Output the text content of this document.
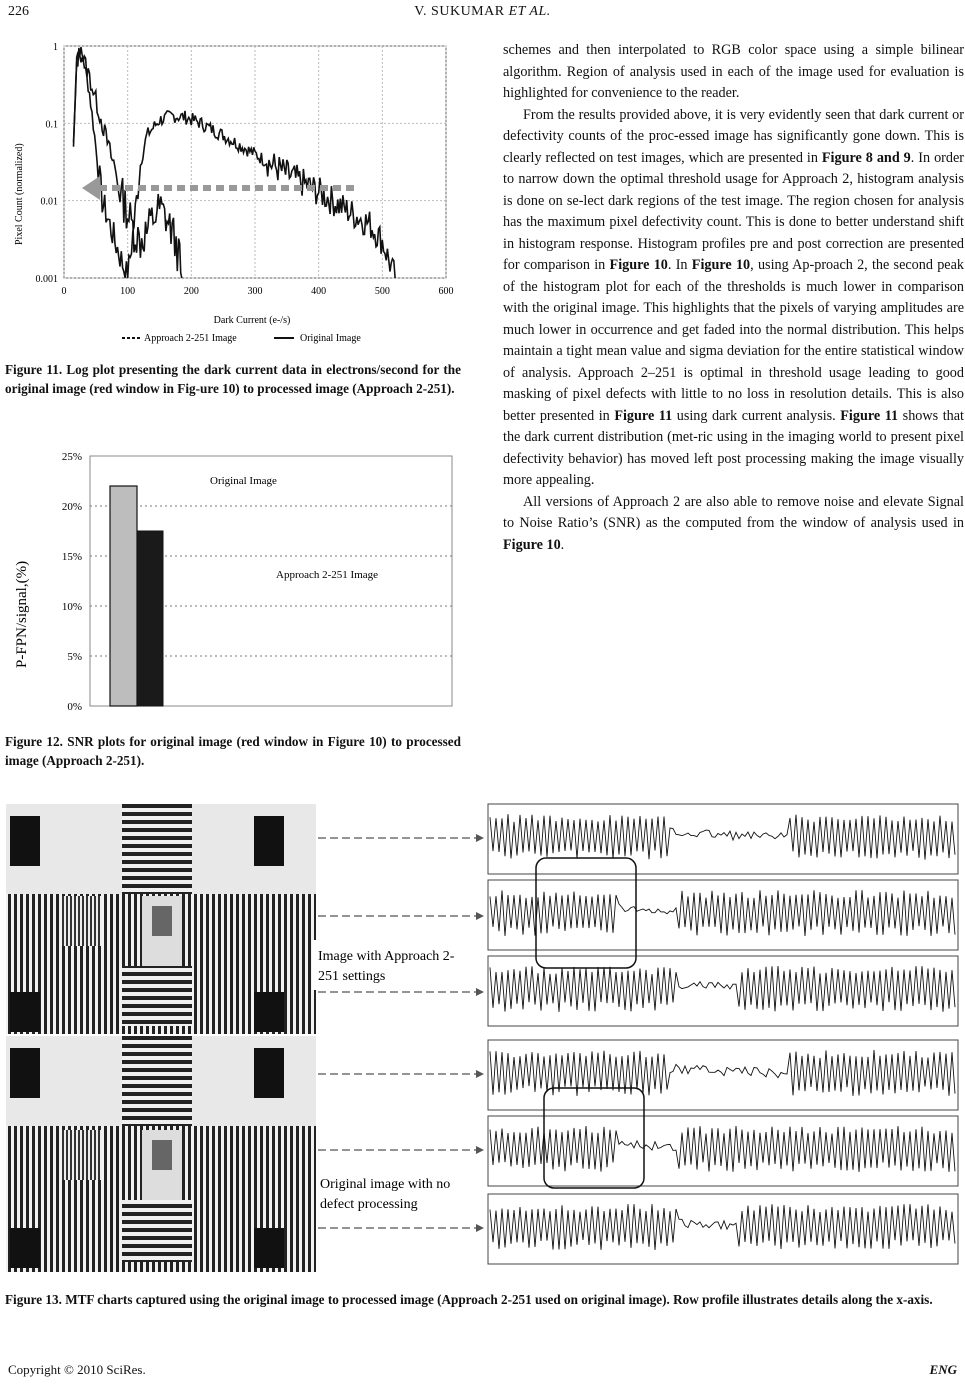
226	V. SUKUMAR ET AL.
1
0.1
0.01
0.001
0	100	200	300	400	500	600
Pixel Count (normalized)
Dark Current (e-/s)
Approach 2-251 Image	Original Image
Figure 11. Log plot presenting the dark current data in electrons/second for the original image (red window in Fig-ure 10) to processed image (Approach 2-251).
25%
20%
15%
10%
5%
0%
Original Image
Approach 2-251 Image
P-FPN/signal,(%)
Figure 12. SNR plots for original image (red window in Figure 10) to processed image (Approach 2-251).

schemes and then interpolated to RGB color space using a simple bilinear algorithm. Region of analysis used in each of the image used for evaluation is highlighted for convenience to the reader.

From the results provided above, it is very evidently seen that dark current or defectivity counts of the proc-essed image has significantly gone down. This is clearly reflected on test images, which are presented in Figure 8 and 9. In order to narrow down the optimal threshold usage for Approach 2, histogram analysis is done on se-lect dark regions of the test image. The region chosen for analysis has the maximum pixel defectivity count. This is done to better understand shift in histogram response. Histogram profiles pre and post correction are presented for comparison in Figure 10. In Figure 10, using Ap-proach 2, the second peak of the histogram plot for each of the thresholds is much lower in comparison with the original image. This highlights that the pixels of varying amplitudes are much lower in occurrence and get faded into the normal distribution. This helps maintain a tight mean value and sigma deviation for the entire statistical window of analysis. Approach 2–251 is optimal in threshold usage leading to good masking of pixel defects with little to no loss in resolution details. This is also better presented in Figure 11 using dark current analysis. Figure 11 shows that the dark current distribution (met-ric using in the imaging world to present pixel defectivity behavior) has moved left post processing making the image visually more appealing.

All versions of Approach 2 are also able to remove noise and elevate Signal to Noise Ratio’s (SNR) as the computed from the window of analysis used in Figure 10.

Image with Approach 2-
251 settings
Original image with no
defect processing
Figure 13. MTF charts captured using the original image to processed image (Approach 2-251 used on original image). Row profile illustrates details along the x-axis.
Copyright © 2010 SciRes.	ENG
